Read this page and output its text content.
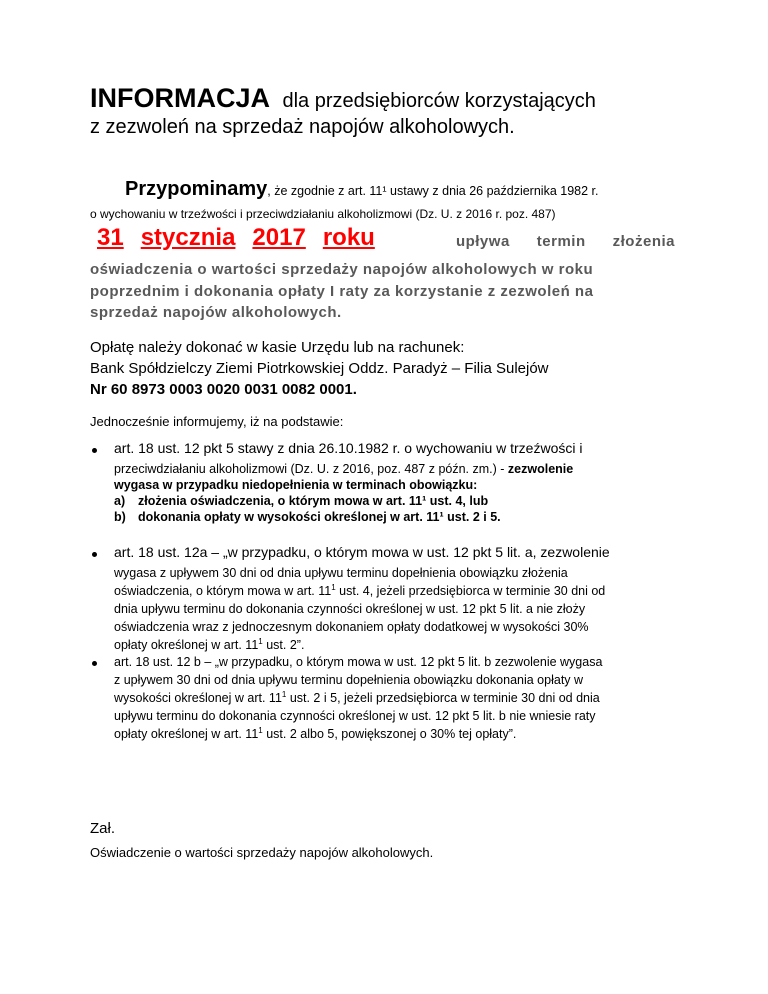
INFORMACJA dla przedsiębiorców korzystających
z zezwoleń na sprzedaż napojów alkoholowych.
Przypominamy, że zgodnie z art. 11¹ ustawy z dnia 26 października 1982 r.
o wychowaniu w trzeźwości i przeciwdziałaniu alkoholizmowi (Dz. U. z 2016 r. poz. 487)
31 stycznia 2017 roku	upływa termin złożenia
oświadczenia o wartości sprzedaży napojów alkoholowych w roku
poprzednim i dokonania opłaty I raty za korzystanie z zezwoleń na
sprzedaż napojów alkoholowych.
Opłatę należy dokonać w kasie Urzędu lub na rachunek:
Bank Spółdzielczy Ziemi Piotrkowskiej Oddz. Paradyż – Filia Sulejów
Nr 60 8973 0003 0020 0031 0082 0001.
Jednocześnie informujemy, iż na podstawie:
art. 18 ust. 12 pkt 5 stawy z dnia 26.10.1982 r. o wychowaniu w trzeźwości i
przeciwdziałaniu alkoholizmowi (Dz. U. z 2016, poz. 487 z późn. zm.) - zezwolenie
wygasa w przypadku niedopełnienia w terminach obowiązku:
a) złożenia oświadczenia, o którym mowa w art. 11¹ ust. 4, lub
b) dokonania opłaty w wysokości określonej w art. 11¹ ust. 2 i 5.
art. 18 ust. 12a – „w przypadku, o którym mowa w ust. 12 pkt 5 lit. a, zezwolenie
wygasa z upływem 30 dni od dnia upływu terminu dopełnienia obowiązku złożenia
oświadczenia, o którym mowa w art. $11^1$ ust. 4, jeżeli przedsiębiorca w terminie 30 dni od
dnia upływu terminu do dokonania czynności określonej w ust. 12 pkt 5 lit. a nie złoży
oświadczenia wraz z jednoczesnym dokonaniem opłaty dodatkowej w wysokości 30%
opłaty określonej w art. $11^1$ ust. 2”.
art. 18 ust. 12 b – „w przypadku, o którym mowa w ust. 12 pkt 5 lit. b zezwolenie wygasa
z upływem 30 dni od dnia upływu terminu dopełnienia obowiązku dokonania opłaty w
wysokości określonej w art. $11^1$ ust. 2 i 5, jeżeli przedsiębiorca w terminie 30 dni od dnia
upływu terminu do dokonania czynności określonej w ust. 12 pkt 5 lit. b nie wniesie raty
opłaty określonej w art. $11^1$ ust. 2 albo 5, powiększonej o 30% tej opłaty”.
Zał.
Oświadczenie o wartości sprzedaży napojów alkoholowych.
